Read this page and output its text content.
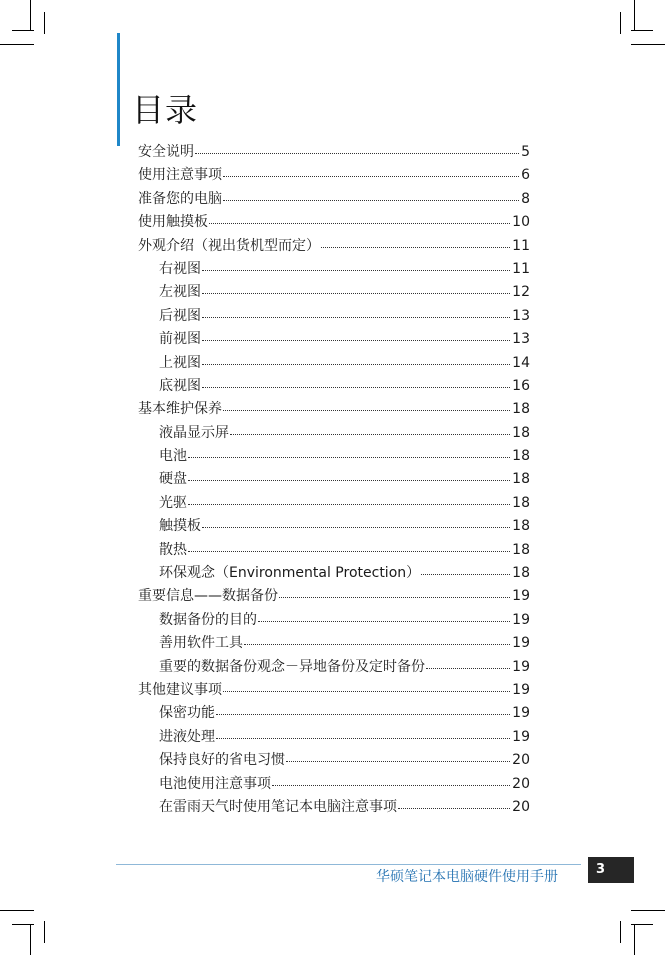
目录
安全说明	5
使用注意事项	6
准备您的电脑	8
使用触摸板	10
外观介绍（视出货机型而定）	11
右视图	11
左视图	12
后视图	13
前视图	13
上视图	14
底视图	16
基本维护保养	18
液晶显示屏	18
电池	18
硬盘	18
光驱	18
触摸板	18
散热	18
环保观念（Environmental Protection）	18
重要信息——数据备份	19
数据备份的目的	19
善用软件工具	19
重要的数据备份观念－异地备份及定时备份	19
其他建议事项	19
保密功能	19
进液处理	19
保持良好的省电习惯	20
电池使用注意事项	20
在雷雨天气时使用笔记本电脑注意事项	20
华硕笔记本电脑硬件使用手册	3
